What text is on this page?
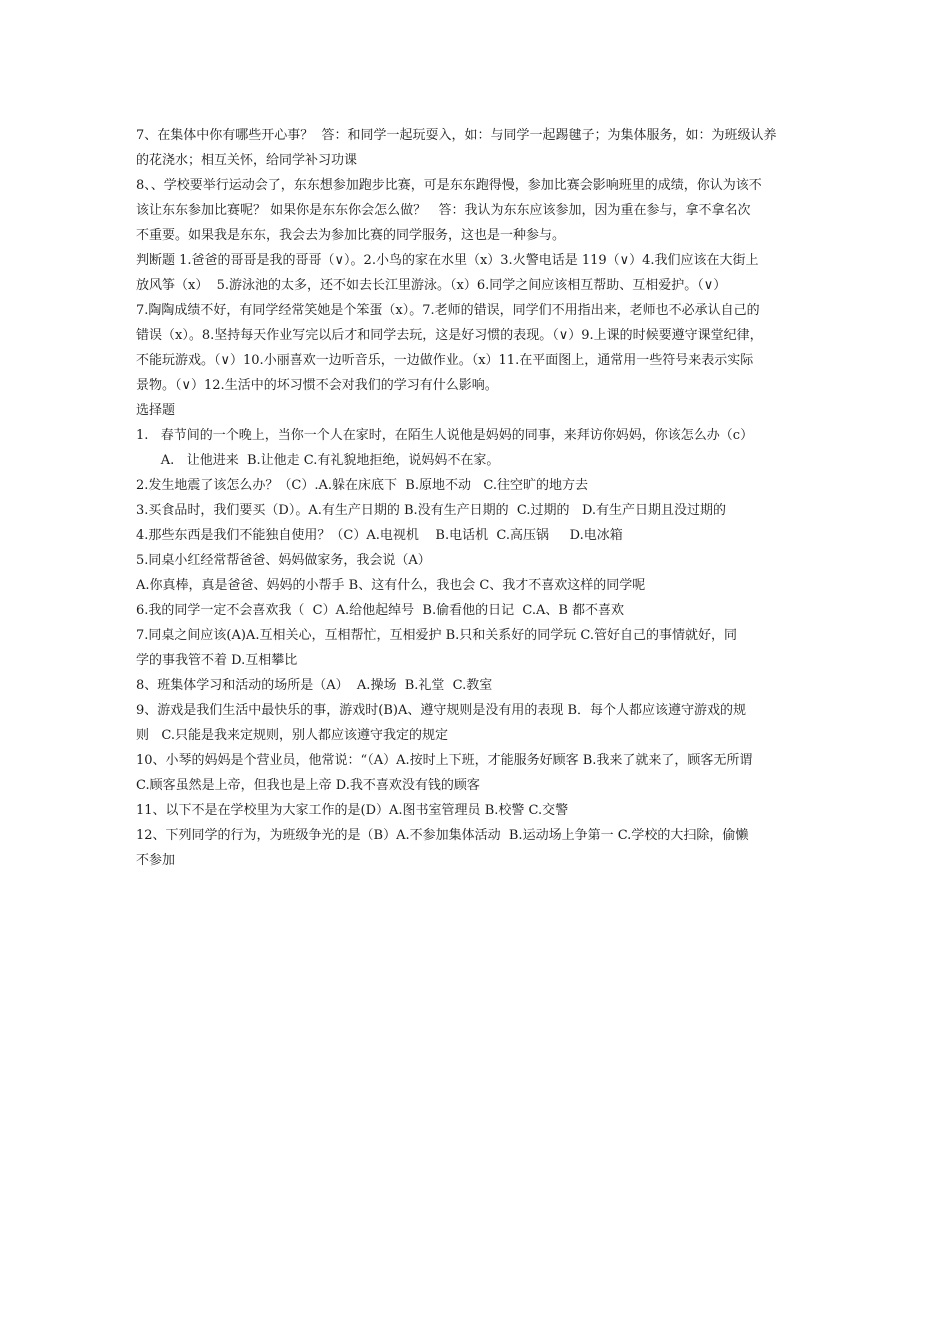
7、在集体中你有哪些开心事？  答：和同学一起玩耍入，如：与同学一起踢毽子；为集体服务，如：为班级认养
的花浇水；相互关怀，给同学补习功课
8、、学校要举行运动会了，东东想参加跑步比赛，可是东东跑得慢，参加比赛会影响班里的成绩，你认为该不
该让东东参加比赛呢？ 如果你是东东你会怎么做？   答：我认为东东应该参加，因为重在参与，拿不拿名次
不重要。如果我是东东，我会去为参加比赛的同学服务，这也是一种参与。
判断题 1.爸爸的哥哥是我的哥哥（∨）。2.小鸟的家在水里（x）3.火警电话是 119（∨）4.我们应该在大街上
放风筝（x）  5.游泳池的太多，还不如去长江里游泳。（x）6.同学之间应该相互帮助、互相爱护。（∨）
7.陶陶成绩不好，有同学经常笑她是个笨蛋（x）。7.老师的错误，同学们不用指出来，老师也不必承认自己的
错误（x）。8.坚持每天作业写完以后才和同学去玩，这是好习惯的表现。（∨）9.上课的时候要遵守课堂纪律，
不能玩游戏。（∨）10.小丽喜欢一边听音乐，一边做作业。（x）11.在平面图上，通常用一些符号来表示实际
景物。（∨）12.生活中的坏习惯不会对我们的学习有什么影响。
选择题
1.   春节间的一个晚上，当你一个人在家时，在陌生人说他是妈妈的同事，来拜访你妈妈，你该怎么办（c）
A.   让他进来  B.让他走 C.有礼貌地拒绝，说妈妈不在家。
2.发生地震了该怎么办？（C）.A.躲在床底下  B.原地不动   C.往空旷的地方去
3.买食品时，我们要买（D）。A.有生产日期的 B.没有生产日期的  C.过期的   D.有生产日期且没过期的
4.那些东西是我们不能独自使用？（C）A.电视机    B.电话机  C.高压锅     D.电冰箱
5.同桌小红经常帮爸爸、妈妈做家务，我会说（A）
A.你真棒，真是爸爸、妈妈的小帮手 B、这有什么，我也会 C、我才不喜欢这样的同学呢
6.我的同学一定不会喜欢我（  C）A.给他起绰号  B.偷看他的日记  C.A、B 都不喜欢
7.同桌之间应该(A)A.互相关心，互相帮忙，互相爱护 B.只和关系好的同学玩 C.管好自己的事情就好，同
学的事我管不着 D.互相攀比
8、班集体学习和活动的场所是（A）  A.操场  B.礼堂  C.教室
9、游戏是我们生活中最快乐的事，游戏时(B)A、遵守规则是没有用的表现 B．每个人都应该遵守游戏的规
则   C.只能是我来定规则，别人都应该遵守我定的规定
10、小琴的妈妈是个营业员，他常说：“（A）A.按时上下班，才能服务好顾客 B.我来了就来了，顾客无所谓
C.顾客虽然是上帝，但我也是上帝 D.我不喜欢没有钱的顾客
11、以下不是在学校里为大家工作的是(D）A.图书室管理员 B.校警 C.交警
12、下列同学的行为，为班级争光的是（B）A.不参加集体活动  B.运动场上争第一 C.学校的大扫除，偷懒
不参加
